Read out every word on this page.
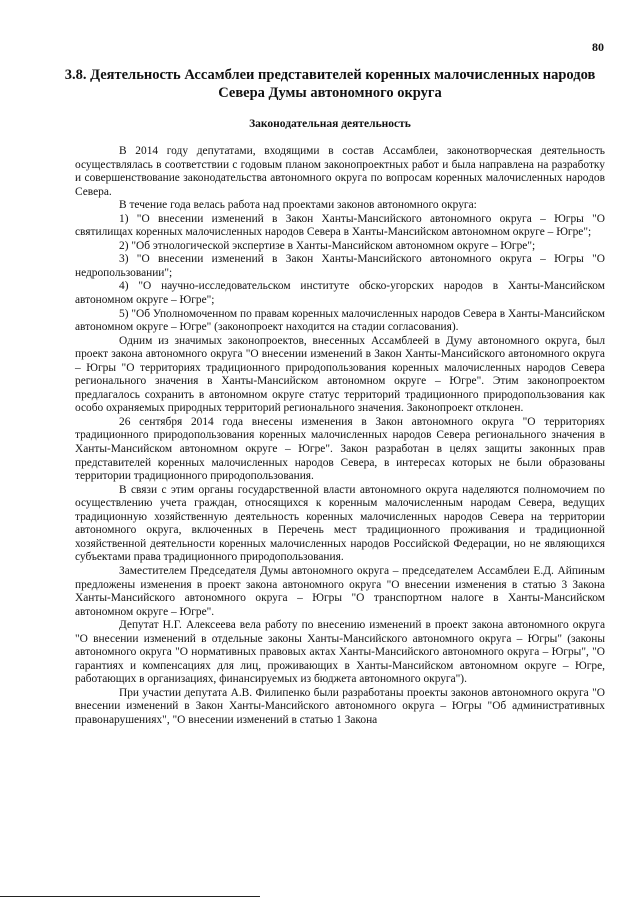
80
3.8. Деятельность Ассамблеи представителей коренных малочисленных народов Севера Думы автономного округа
Законодательная деятельность

В 2014 году депутатами, входящими в состав Ассамблеи, законотворческая деятельность осуществлялась в соответствии с годовым планом законопроектных работ и была направлена на разработку и совершенствование законодательства автономного округа по вопросам коренных малочисленных народов Севера.

В течение года велась работа над проектами законов автономного округа:

1) "О внесении изменений в Закон Ханты-Мансийского автономного округа – Югры "О святилищах коренных малочисленных народов Севера в Ханты-Мансийском автономном округе – Югре";

2) "Об этнологической экспертизе в Ханты-Мансийском автономном округе – Югре";

3) "О внесении изменений в Закон Ханты-Мансийского автономного округа – Югры "О недропользовании";

4) "О научно-исследовательском институте обско-угорских народов в Ханты-Мансийском автономном округе – Югре";

5) "Об Уполномоченном по правам коренных малочисленных народов Севера в Ханты-Мансийском автономном округе – Югре" (законопроект находится на стадии согласования).

Одним из значимых законопроектов, внесенных Ассамблеей в Думу автономного округа, был проект закона автономного округа "О внесении изменений в Закон Ханты-Мансийского автономного округа – Югры "О территориях традиционного природопользования коренных малочисленных народов Севера регионального значения в Ханты-Мансийском автономном округе – Югре". Этим законопроектом предлагалось сохранить в автономном округе статус территорий традиционного природопользования как особо охраняемых природных территорий регионального значения. Законопроект отклонен.

26 сентября 2014 года внесены изменения в Закон автономного округа "О территориях традиционного природопользования коренных малочисленных народов Севера регионального значения в Ханты-Мансийском автономном округе – Югре". Закон разработан в целях защиты законных прав представителей коренных малочисленных народов Севера, в интересах которых не были образованы территории традиционного природопользования.

В связи с этим органы государственной власти автономного округа наделяются полномочием по осуществлению учета граждан, относящихся к коренным малочисленным народам Севера, ведущих традиционную хозяйственную деятельность коренных малочисленных народов Севера на территории автономного округа, включенных в Перечень мест традиционного проживания и традиционной хозяйственной деятельности коренных малочисленных народов Российской Федерации, но не являющихся субъектами права традиционного природопользования.

Заместителем Председателя Думы автономного округа – председателем Ассамблеи Е.Д. Айпиным предложены изменения в проект закона автономного округа "О внесении изменения в статью 3 Закона Ханты-Мансийского автономного округа – Югры "О транспортном налоге в Ханты-Мансийском автономном округе – Югре".

Депутат Н.Г. Алексеева вела работу по внесению изменений в проект закона автономного округа "О внесении изменений в отдельные законы Ханты-Мансийского автономного округа – Югры" (законы автономного округа "О нормативных правовых актах Ханты-Мансийского автономного округа – Югры", "О гарантиях и компенсациях для лиц, проживающих в Ханты-Мансийском автономном округе – Югре, работающих в организациях, финансируемых из бюджета автономного округа").

При участии депутата А.В. Филипенко были разработаны проекты законов автономного округа "О внесении изменений в Закон Ханты-Мансийского автономного округа – Югры "Об административных правонарушениях", "О внесении изменений в статью 1 Закона
